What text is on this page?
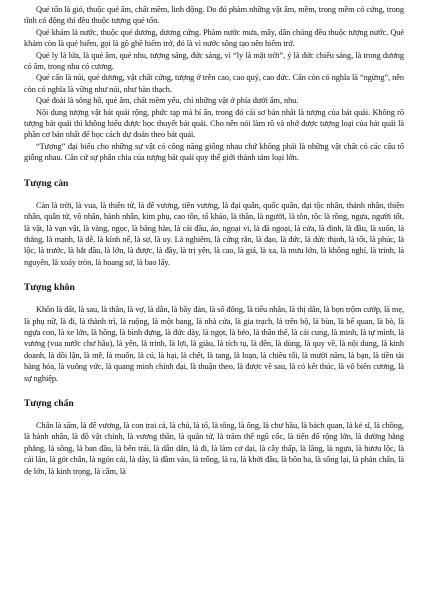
Quẻ tốn là gió, thuộc quẻ âm, chất mềm, linh động. Do đó phàm những vật âm, mềm, trong mềm có cứng, trong tĩnh có động thì đều thuộc tượng quẻ tốn.

Quẻ khảm là nước, thuộc quẻ dương, dương cứng. Phàm nước mưa, mây, dân chúng đều thuộc tượng nước. Quẻ khảm còn là quẻ hiểm, gọi là gồ ghề hiểm trở, đó là vì nước sông tạo nên hiểm trở.

Quẻ ly là lửa, là quẻ âm, quẻ nhu, tượng sáng, đức sáng, vì “ly là mặt trời”, ý là đức chiếu sáng, là trong dương có âm, trong nhu có cương.

Quẻ cấn là núi, quẻ dương, vật chất cứng, tượng ở trên cao, cao quý, cao đức. Cấn còn có nghĩa là “ngừng”, nên còn có nghĩa là vững như núi, như bàn thạch.

Quẻ đoài là sông hồ, quẻ âm, chất mềm yếu, chỉ những vật ở phía dưới ẩm, nhu.

Nội dung tượng vật bát quái rộng, phức tạp mà bí ẩn, trong đó cái sơ bản nhất là tượng của bát quái. Không rõ tượng bát quái thì không hiểu được học thuyết bát quái. Cho nên nói làm rõ và nhớ được tượng loại của bát quái là phần cơ bản nhất để học cách dự đoán theo bát quái.

“Tượng” đại biểu cho những sự vật có công năng giống nhau chứ không phải là những vật chất có các cấu tố giống nhau. Căn cứ sự phân chia của tượng bát quái quy thế giới thành tám loại lớn.

Tượng càn

Càn là trời, là vua, là thiên tử, là đế vương, tiên vương, là đại quân, quốc quân, đại tộc nhân, thánh nhân, thiện nhân, quân tử, võ nhân, hành nhân, kim phụ, cao tôn, tổ khảo, là thần, là người, là tôn, tộc là rồng, ngựa, người tốt, là vật, là vạn vật, là vàng, ngọc, là băng hàn, là cái đầu, áo, ngoại vi, là đã ngoại, là cửa, là đinh, là đầu, là suốn, là thẳng, là mạnh, là dễ, là kính nể, là sợ, là uy. Là nghiêm, là cứng rắn, là đạo, là đức, là đức thịnh, là tốt, là phúc, là lộc, là trước, là bắt đầu, là lớn, là được, là đầy, là trị yên, là cao, là giá, là xa, là mưu lớn, là không nghỉ, là trinh, là nguyên, là xoáy tròn, là hoang sơ, là bao lấy.

Tượng khôn

Khôn là đất, là sau, là thần, là vợ, là dân, là bầy đàn, là số đông, là tiểu nhân, là thị dân, là bọn trộm cướp, là mẹ, là phụ nữ, là đi, là thành trì, là ruộng, là một bang, là nhà cửa, là gia trạch, là trên bộ, là bùn, là bể quan, là bò, là ngựa con, là xe lớn, là hồng, là bình đựng, là đức dày, là ngọt, là béo, là thân thể, là cái cung, là minh, là tự mình, là vương (vua nước chư hầu), là yên, là trinh, là lợi, là giàu, là tích tụ, là đến, là dùng, là quy về, là nội dung, là kinh doanh, là dồi lận, là mê, là muốn, là cú, là hại, là chết, là tang, là loạn, là chiều tối, là mười năm, là bạn, là tiền tài hàng hóa, là vuông vức, là quang minh chính đại, là thuận theo, là được về sau, là có kết thúc, là vô biên cương, là sự nghiệp.

Tượng chấn

Chấn là sấm, là đế vương, là con trai cả, là chủ, là tổ, là tông, là ông, là chư hầu, là bách quan, là kẻ sĩ, là chồng, là hành nhân, là đồ vật chính, là vương thần, là quân tử, là trăm thế ngũ cốc, là tiến đổ rộng lớn, là đường bằng phẳng, là sông, là ban đầu, là bên trái, là dẫn dắn, là đi, là làm cơ dại, là cây thấp, là lăng, là ngựa, là hươu lộc, là cái lăn, là gót chân, là ngón cái, là dày, là đầm vào, là trống, là ra, là khởi đầu, là bôn ba, là sống lại, là phản chấn, là dẹ lớn, là kinh trọng, là cầm, là
